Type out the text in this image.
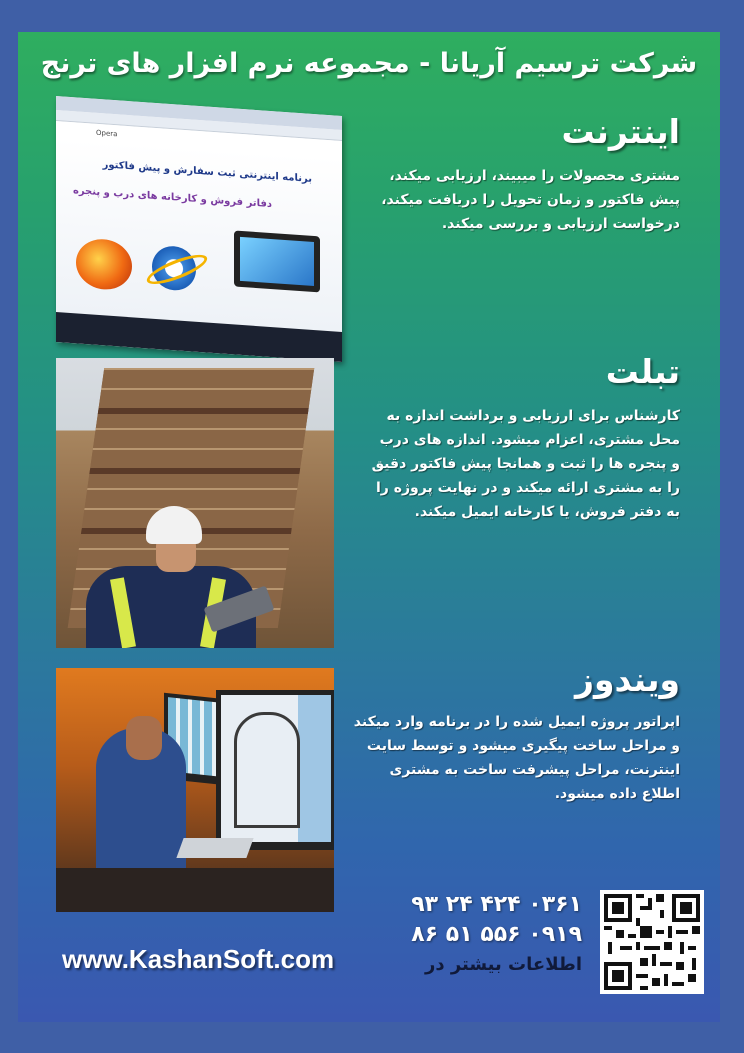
شرکت ترسیم آریانا - مجموعه نرم افزار های ترنج
Opera
برنامه اینترنتی ثبت سفارش و پیش فاکتور
دفاتر فروش و کارخانه های درب و پنجره
اینترنت
مشتری محصولات را میبیند، ارزیابی میکند،
پیش فاکتور و زمان تحویل را دریافت میکند،
درخواست ارزیابی و بررسی میکند.
تبلت
کارشناس برای ارزیابی و برداشت اندازه به
محل مشتری، اعزام میشود. اندازه های درب
و پنجره ها را ثبت و همانجا پیش فاکتور دقیق
را به مشتری ارائه میکند و در نهایت پروژه را
به دفتر فروش، یا کارخانه ایمیل میکند.
ویندوز
اپراتور پروژه ایمیل شده را در برنامه وارد میکند
و مراحل ساخت پیگیری میشود و توسط سایت
اینترنت، مراحل پیشرفت ساخت به مشتری
اطلاع داده میشود.
www.KashanSoft.com
۰۳۶۱ ۴۲۴ ۲۴ ۹۳
۰۹۱۹ ۵۵۶ ۵۱ ۸۶
اطلاعات بیشتر در
